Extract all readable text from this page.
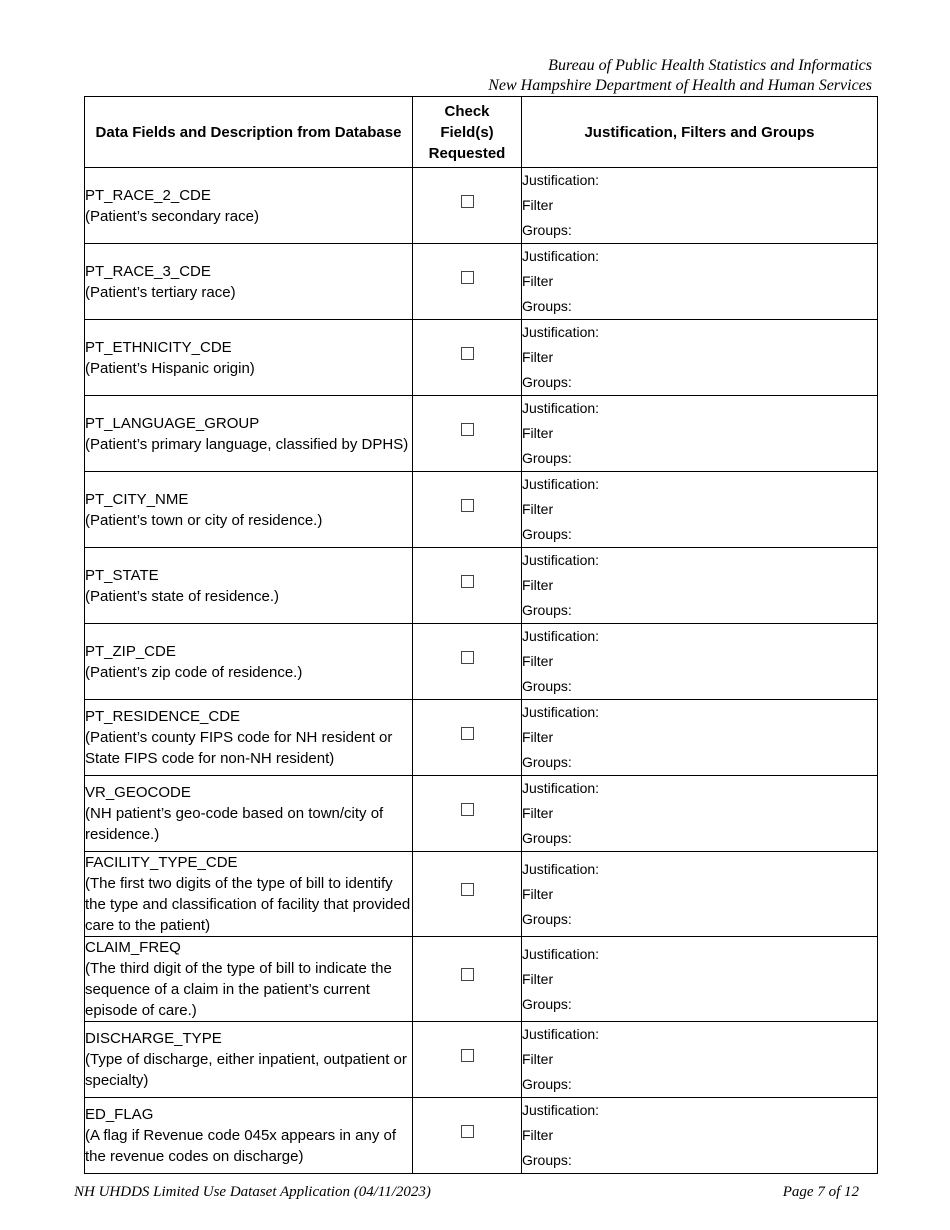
Bureau of Public Health Statistics and Informatics
New Hampshire Department of Health and Human Services
Data Fields and Description from Database	Check
Field(s)
Requested	Justification, Filters and Groups

PT_RACE_2_CDE
(Patient’s secondary race)		Justification:
Filter
Groups:

PT_RACE_3_CDE
(Patient’s tertiary race)		Justification:
Filter
Groups:

PT_ETHNICITY_CDE
(Patient’s Hispanic origin)		Justification:
Filter
Groups:

PT_LANGUAGE_GROUP
(Patient’s primary language, classified by DPHS)		Justification:
Filter
Groups:

PT_CITY_NME
(Patient’s town or city of residence.)		Justification:
Filter
Groups:

PT_STATE
(Patient’s state of residence.)		Justification:
Filter
Groups:

PT_ZIP_CDE
(Patient’s zip code of residence.)		Justification:
Filter
Groups:

PT_RESIDENCE_CDE
(Patient’s county FIPS code for NH resident or State FIPS code for non-NH resident)		Justification:
Filter
Groups:

VR_GEOCODE
(NH patient’s geo-code based on town/city of residence.)		Justification:
Filter
Groups:

FACILITY_TYPE_CDE
(The first two digits of the type of bill to identify the type and classification of facility that provided care to the patient)		Justification:
Filter
Groups:

CLAIM_FREQ
(The third digit of the type of bill to indicate the sequence of a claim in the patient’s current episode of care.)		Justification:
Filter
Groups:

DISCHARGE_TYPE
(Type of discharge, either inpatient, outpatient or specialty)		Justification:
Filter
Groups:

ED_FLAG
(A flag if Revenue code 045x appears in any of the revenue codes on discharge)		Justification:
Filter
Groups:
NH UHDDS Limited Use Dataset Application (04/11/2023)	Page 7 of 12
